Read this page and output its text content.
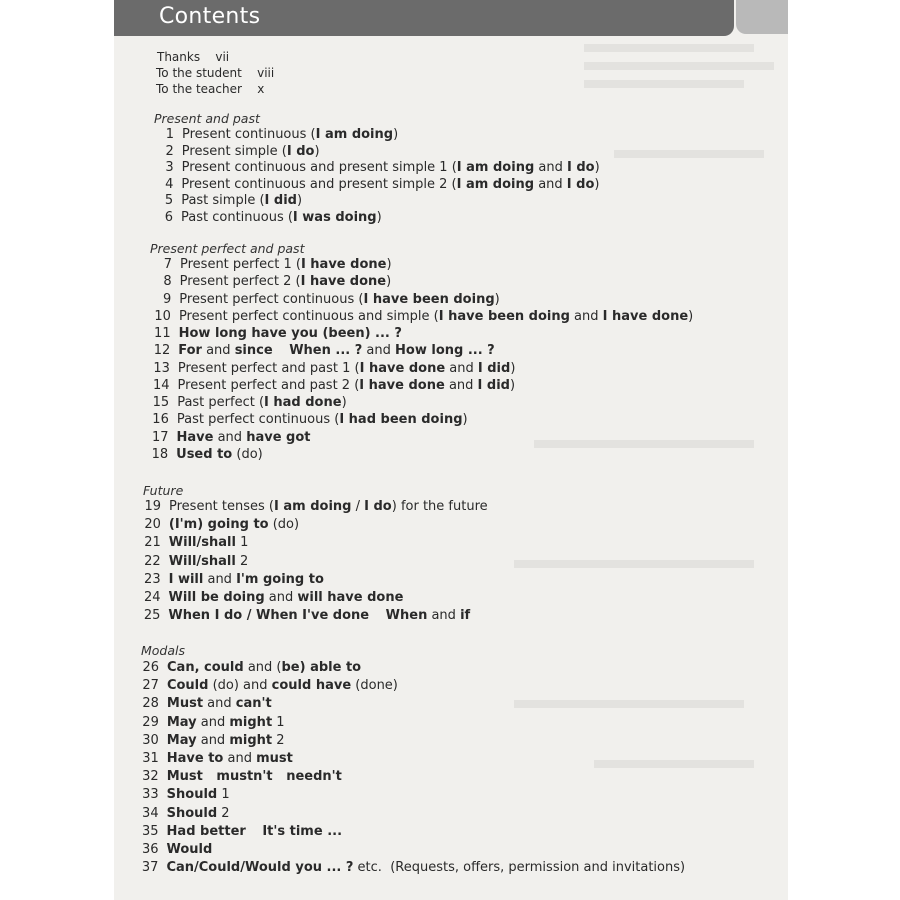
Contents
Thanks vii
To the student viii
To the teacher x
Present and past
1 Present continuous (I am doing)
2 Present simple (I do)
3 Present continuous and present simple 1 (I am doing and I do)
4 Present continuous and present simple 2 (I am doing and I do)
5 Past simple (I did)
6 Past continuous (I was doing)
Present perfect and past
7 Present perfect 1 (I have done)
8 Present perfect 2 (I have done)
9 Present perfect continuous (I have been doing)
10 Present perfect continuous and simple (I have been doing and I have done)
11 How long have you (been) ... ?
12 For and since When ... ? and How long ... ?
13 Present perfect and past 1 (I have done and I did)
14 Present perfect and past 2 (I have done and I did)
15 Past perfect (I had done)
16 Past perfect continuous (I had been doing)
17 Have and have got
18 Used to (do)
Future
19 Present tenses (I am doing / I do) for the future
20 (I'm) going to (do)
21 Will/shall 1
22 Will/shall 2
23 I will and I'm going to
24 Will be doing and will have done
25 When I do / When I've done When and if
Modals
26 Can, could and (be) able to
27 Could (do) and could have (done)
28 Must and can't
29 May and might 1
30 May and might 2
31 Have to and must
32 Must   mustn't   needn't
33 Should 1
34 Should 2
35 Had better It's time ...
36 Would
37 Can/Could/Would you ... ? etc.  (Requests, offers, permission and invitations)
